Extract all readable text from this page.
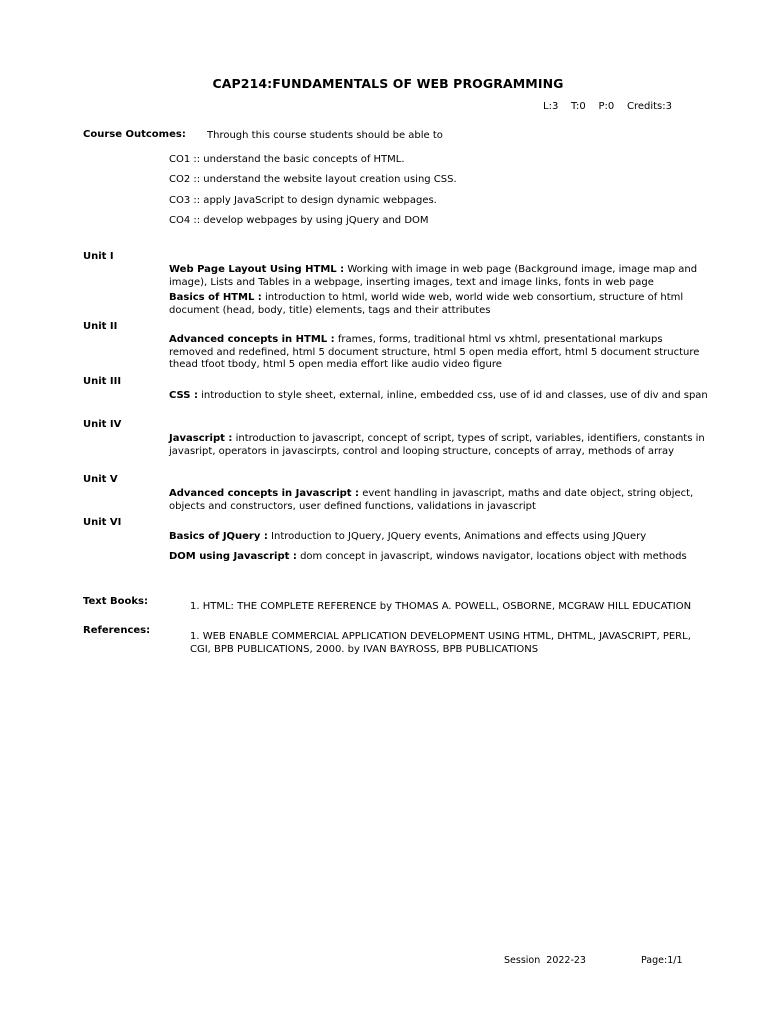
CAP214:FUNDAMENTALS OF WEB PROGRAMMING
L:3    T:0    P:0    Credits:3
Course Outcomes: Through this course students should be able to
CO1 :: understand the basic concepts of HTML.
CO2 :: understand the website layout creation using CSS.
CO3 :: apply JavaScript to design dynamic webpages.
CO4 :: develop webpages by using jQuery and DOM
Unit I
Web Page Layout Using HTML : Working with image in web page (Background image, image map and image), Lists and Tables in a webpage, inserting images, text and image links, fonts in web page
Basics of HTML : introduction to html, world wide web, world wide web consortium, structure of html document (head, body, title) elements, tags and their attributes
Unit II
Advanced concepts in HTML : frames, forms, traditional html vs xhtml, presentational markups removed and redefined, html 5 document structure, html 5 open media effort, html 5 document structure thead tfoot tbody, html 5 open media effort like audio video figure
Unit III
CSS : introduction to style sheet, external, inline, embedded css, use of id and classes, use of div and span
Unit IV
Javascript : introduction to javascript, concept of script, types of script, variables, identifiers, constants in javasript, operators in javascirpts, control and looping structure, concepts of array, methods of array
Unit V
Advanced concepts in Javascript : event handling in javascript, maths and date object, string object, objects and constructors, user defined functions, validations in javascript
Unit VI
Basics of JQuery : Introduction to JQuery, JQuery events, Animations and effects using JQuery
DOM using Javascript : dom concept in javascript, windows navigator, locations object with methods
Text Books:	1. HTML: THE COMPLETE REFERENCE by THOMAS A. POWELL, OSBORNE, MCGRAW HILL EDUCATION
References:
1. WEB ENABLE COMMERCIAL APPLICATION DEVELOPMENT USING HTML, DHTML, JAVASCRIPT, PERL, CGI, BPB PUBLICATIONS, 2000. by IVAN BAYROSS, BPB PUBLICATIONS
Session  2022-23	Page:1/1
